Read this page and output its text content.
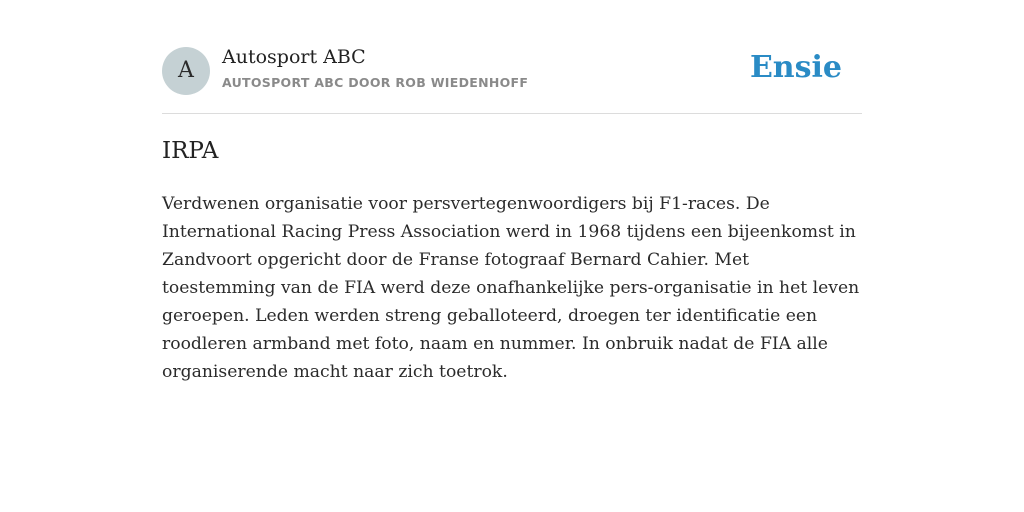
A
Autosport ABC
AUTOSPORT ABC DOOR ROB WIEDENHOFF	Ensie
IRPA

Verdwenen organisatie voor persvertegenwoordigers bij F1-races. De International Racing Press Association werd in 1968 tijdens een bijeenkomst in Zandvoort opgericht door de Franse fotograaf Bernard Cahier. Met toestemming van de FIA werd deze onafhankelijke pers-organisatie in het leven geroepen. Leden werden streng geballoteerd, droegen ter identificatie een roodleren armband met foto, naam en nummer. In onbruik nadat de FIA alle organiserende macht naar zich toetrok.
